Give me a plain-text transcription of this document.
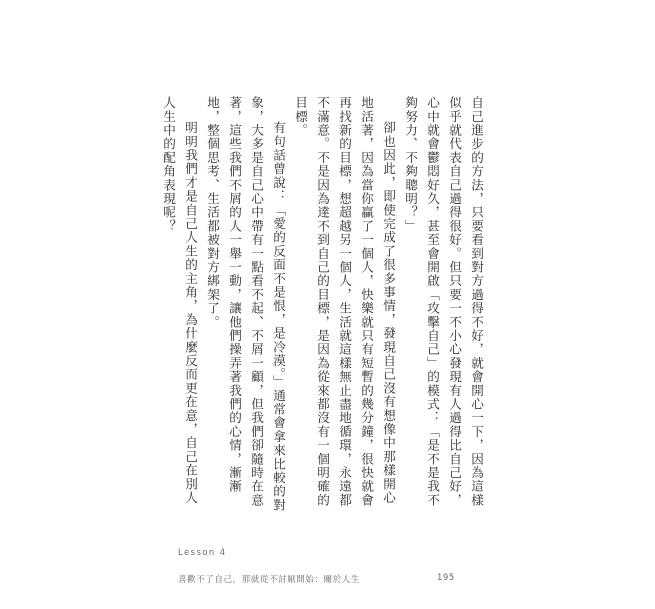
自己進步的方法，只要看到對方過得不好，就會開心一下，因為這樣似乎就代表自己過得很好。但只要一不小心發現有人過得比自己好，心中就會鬱悶好久，甚至會開啟「攻擊自己」的模式：「是不是我不夠努力、不夠聰明？」

卻也因此，即使完成了很多事情，發現自己沒有想像中那樣開心地活著，因為當你贏了一個人，快樂就只有短暫的幾分鐘，很快就會再找新的目標，想超越另一個人，生活就這樣無止盡地循環，永遠都不滿意。不是因為達不到自己的目標，是因為從來都沒有一個明確的目標。

有句話曾說：「愛的反面不是恨，是冷漠。」通常會拿來比較的對象，大多是自己心中帶有一點看不起、不屑一顧，但我們卻隨時在意著，這些我們不屑的人一舉一動，讓他們操弄著我們的心情，漸漸地，整個思考、生活都被對方綁架了。

明明我們才是自己人生的主角，為什麼反而更在意，自己在別人人生中的配角表現呢？

Lesson 4
喜歡不了自己，那就從不討厭開始：關於人生	195
